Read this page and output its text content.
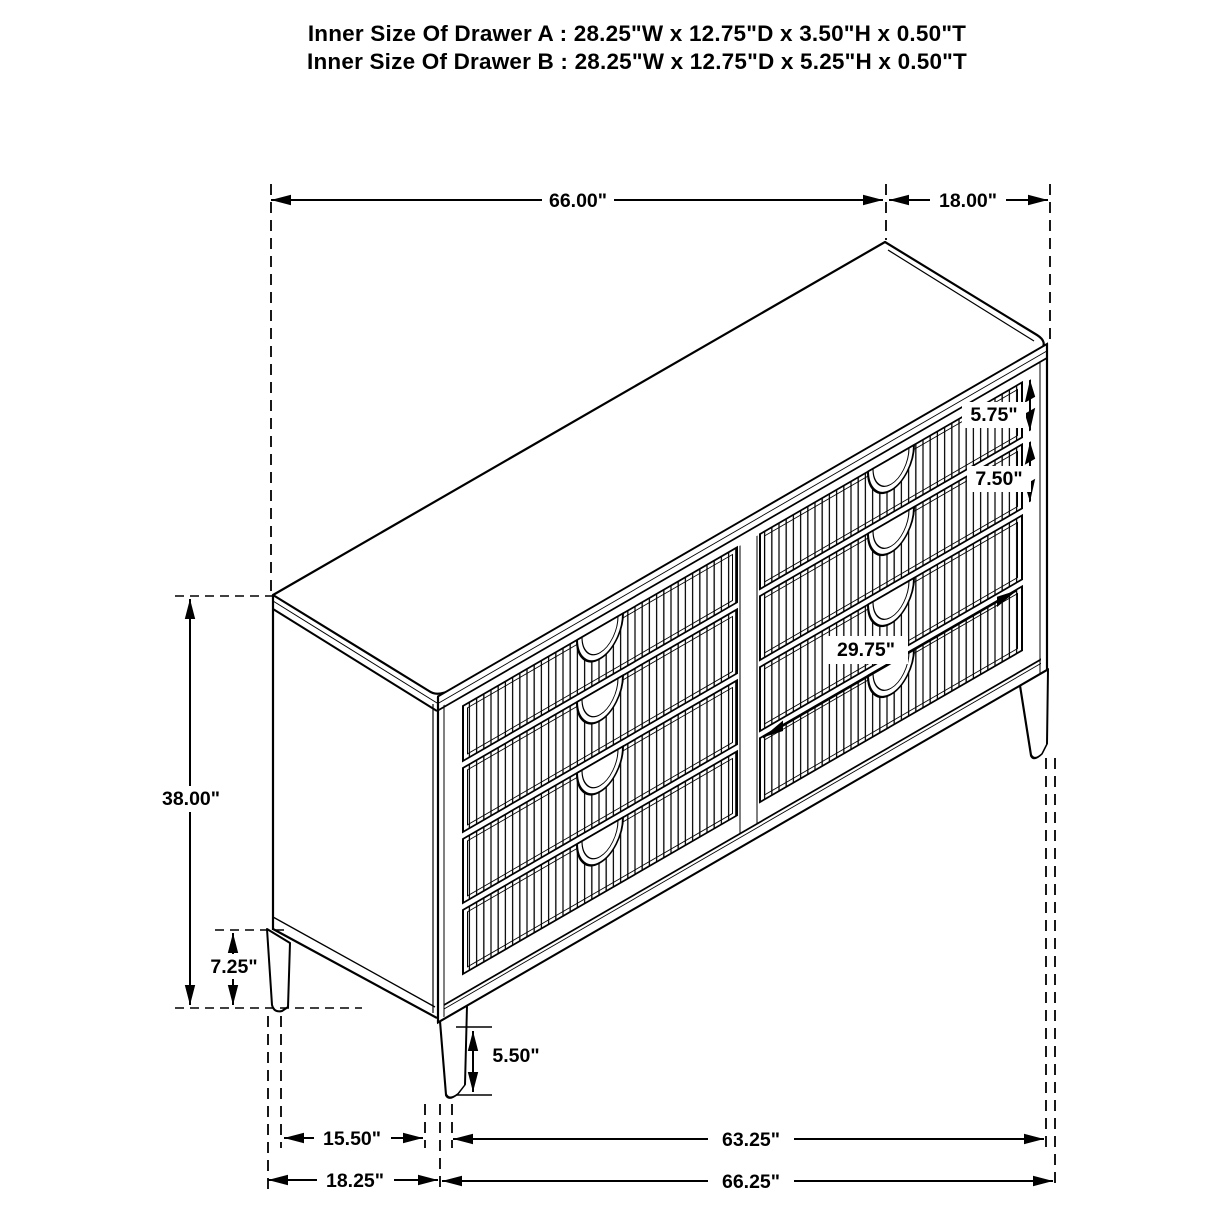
66.00"	18.00"
5.75"
7.50"
29.75"
38.00"
7.25"
5.50"
15.50"	63.25"
18.25"	66.25"
Inner Size Of Drawer A : 28.25"W x 12.75"D x 3.50"H x 0.50"T
Inner Size Of Drawer B : 28.25"W x 12.75"D x 5.25"H x 0.50"T
